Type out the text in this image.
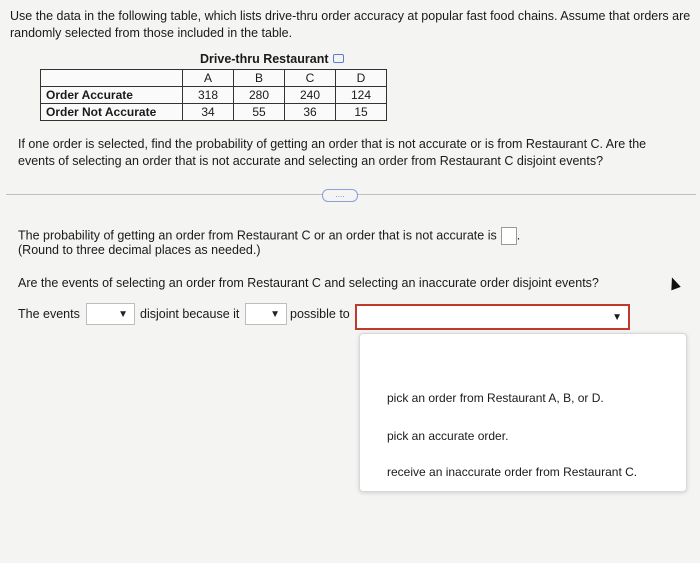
Use the data in the following table, which lists drive-thru order accuracy at popular fast food chains. Assume that orders are randomly selected from those included in the table.
Drive-thru Restaurant
	A	B	C	D
Order Accurate	318	280	240	124
Order Not Accurate	34	55	36	15
If one order is selected, find the probability of getting an order that is not accurate or is from Restaurant C. Are the events of selecting an order that is not accurate and selecting an order from Restaurant C disjoint events?
....
The probability of getting an order from Restaurant C or an order that is not accurate is .
(Round to three decimal places as needed.)
Are the events of selecting an order from Restaurant C and selecting an inaccurate order disjoint events?
The events	▼ disjoint because it	▼ possible to	▼
pick an order from Restaurant A, B, or D.
pick an accurate order.
receive an inaccurate order from Restaurant C.
